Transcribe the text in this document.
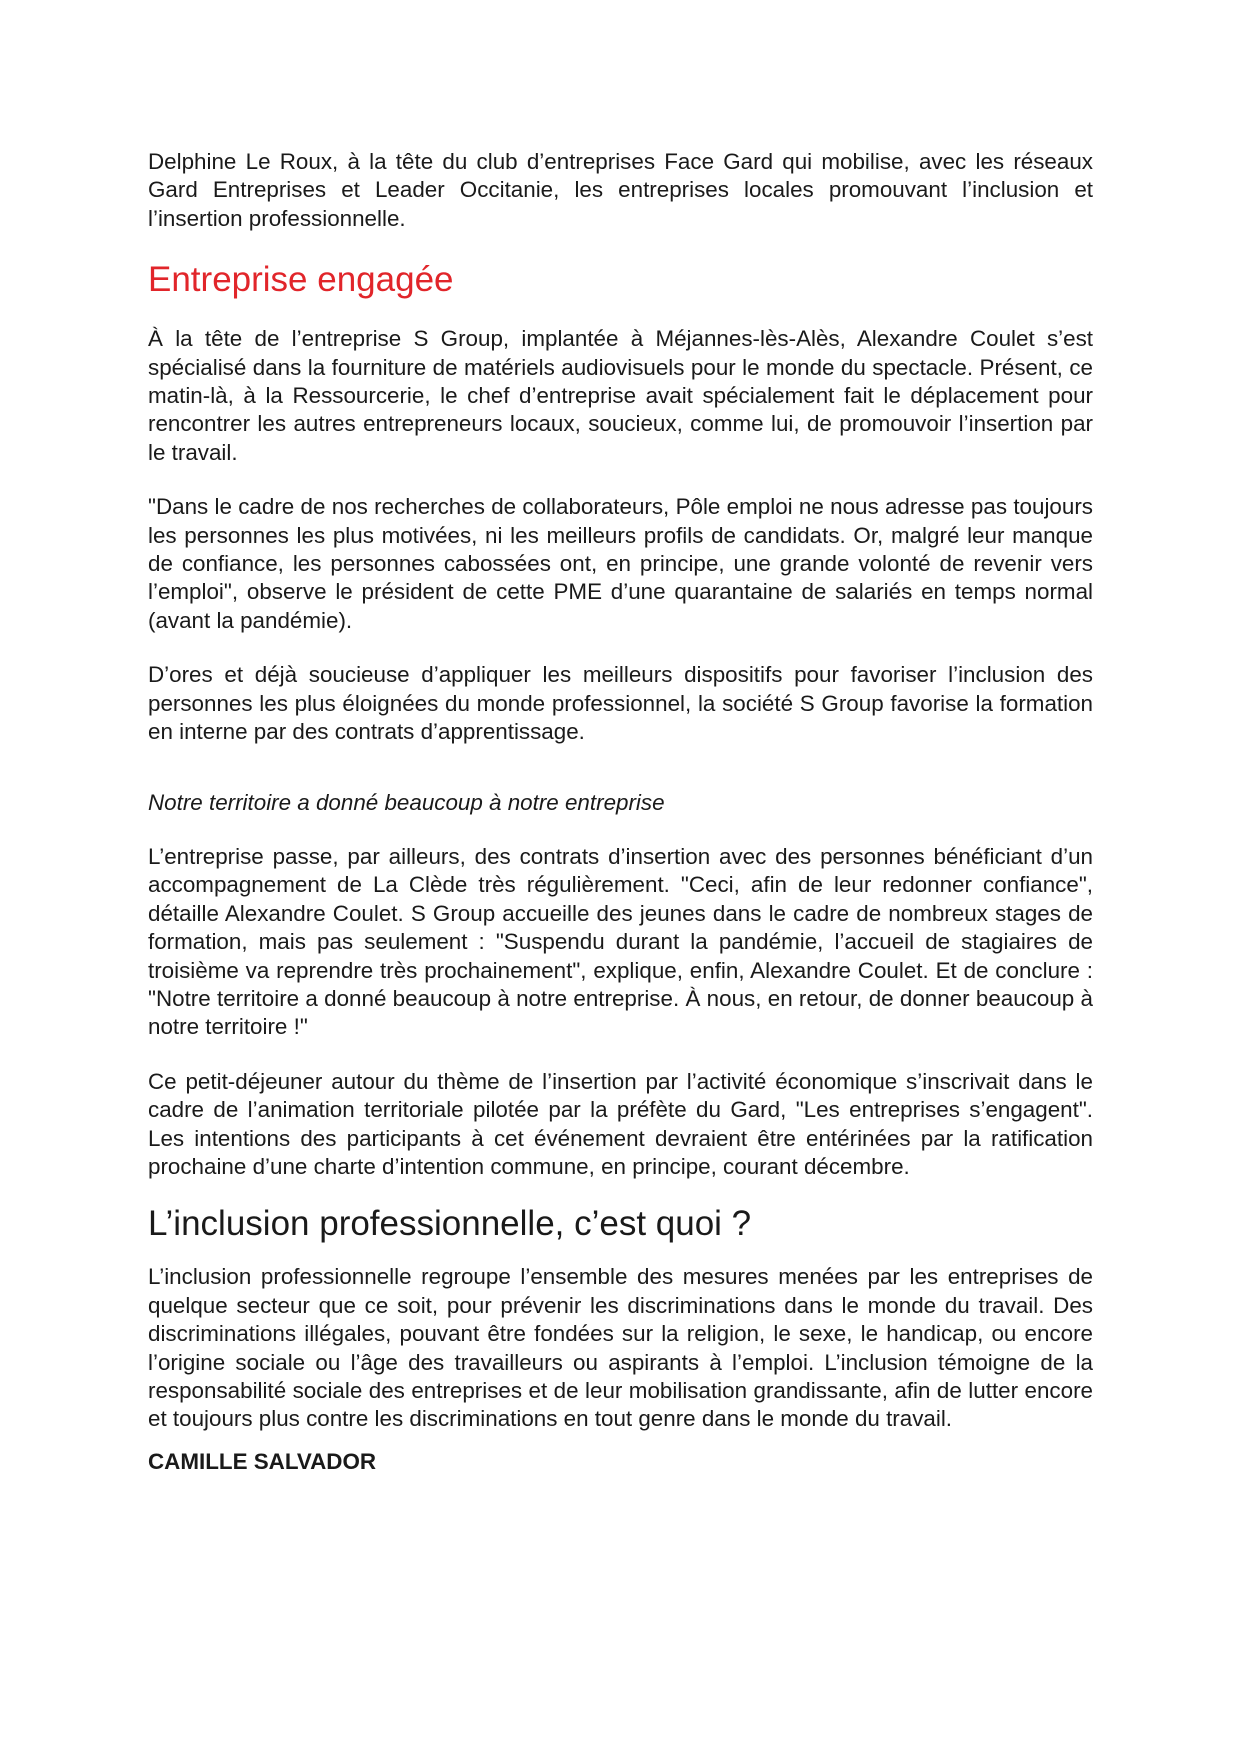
Delphine Le Roux, à la tête du club d’entreprises Face Gard qui mobilise, avec les réseaux Gard Entreprises et Leader Occitanie, les entreprises locales promouvant l’inclusion et l’insertion professionnelle.

Entreprise engagée

À la tête de l’entreprise S Group, implantée à Méjannes-lès-Alès, Alexandre Coulet s’est spécialisé dans la fourniture de matériels audiovisuels pour le monde du spectacle. Présent, ce matin-là, à la Ressourcerie, le chef d’entreprise avait spécialement fait le déplacement pour rencontrer les autres entrepreneurs locaux, soucieux, comme lui, de promouvoir l’insertion par le travail.

"Dans le cadre de nos recherches de collaborateurs, Pôle emploi ne nous adresse pas toujours les personnes les plus motivées, ni les meilleurs profils de candidats. Or, malgré leur manque de confiance, les personnes cabossées ont, en principe, une grande volonté de revenir vers l’emploi", observe le président de cette PME d’une quarantaine de salariés en temps normal (avant la pandémie).

D’ores et déjà soucieuse d’appliquer les meilleurs dispositifs pour favoriser l’inclusion des personnes les plus éloignées du monde professionnel, la société S Group favorise la formation en interne par des contrats d’apprentissage.

Notre territoire a donné beaucoup à notre entreprise

L’entreprise passe, par ailleurs, des contrats d’insertion avec des personnes bénéficiant d’un accompagnement de La Clède très régulièrement. "Ceci, afin de leur redonner confiance", détaille Alexandre Coulet. S Group accueille des jeunes dans le cadre de nombreux stages de formation, mais pas seulement : "Suspendu durant la pandémie, l’accueil de stagiaires de troisième va reprendre très prochainement", explique, enfin, Alexandre Coulet. Et de conclure : "Notre territoire a donné beaucoup à notre entreprise. À nous, en retour, de donner beaucoup à notre territoire !"

Ce petit-déjeuner autour du thème de l’insertion par l’activité économique s’inscrivait dans le cadre de l’animation territoriale pilotée par la préfète du Gard, "Les entreprises s’engagent". Les intentions des participants à cet événement devraient être entérinées par la ratification prochaine d’une charte d’intention commune, en principe, courant décembre.

L’inclusion professionnelle, c’est quoi ?

L’inclusion professionnelle regroupe l’ensemble des mesures menées par les entreprises de quelque secteur que ce soit, pour prévenir les discriminations dans le monde du travail. Des discriminations illégales, pouvant être fondées sur la religion, le sexe, le handicap, ou encore l’origine sociale ou l’âge des travailleurs ou aspirants à l’emploi. L’inclusion témoigne de la responsabilité sociale des entreprises et de leur mobilisation grandissante, afin de lutter encore et toujours plus contre les discriminations en tout genre dans le monde du travail.

CAMILLE SALVADOR
